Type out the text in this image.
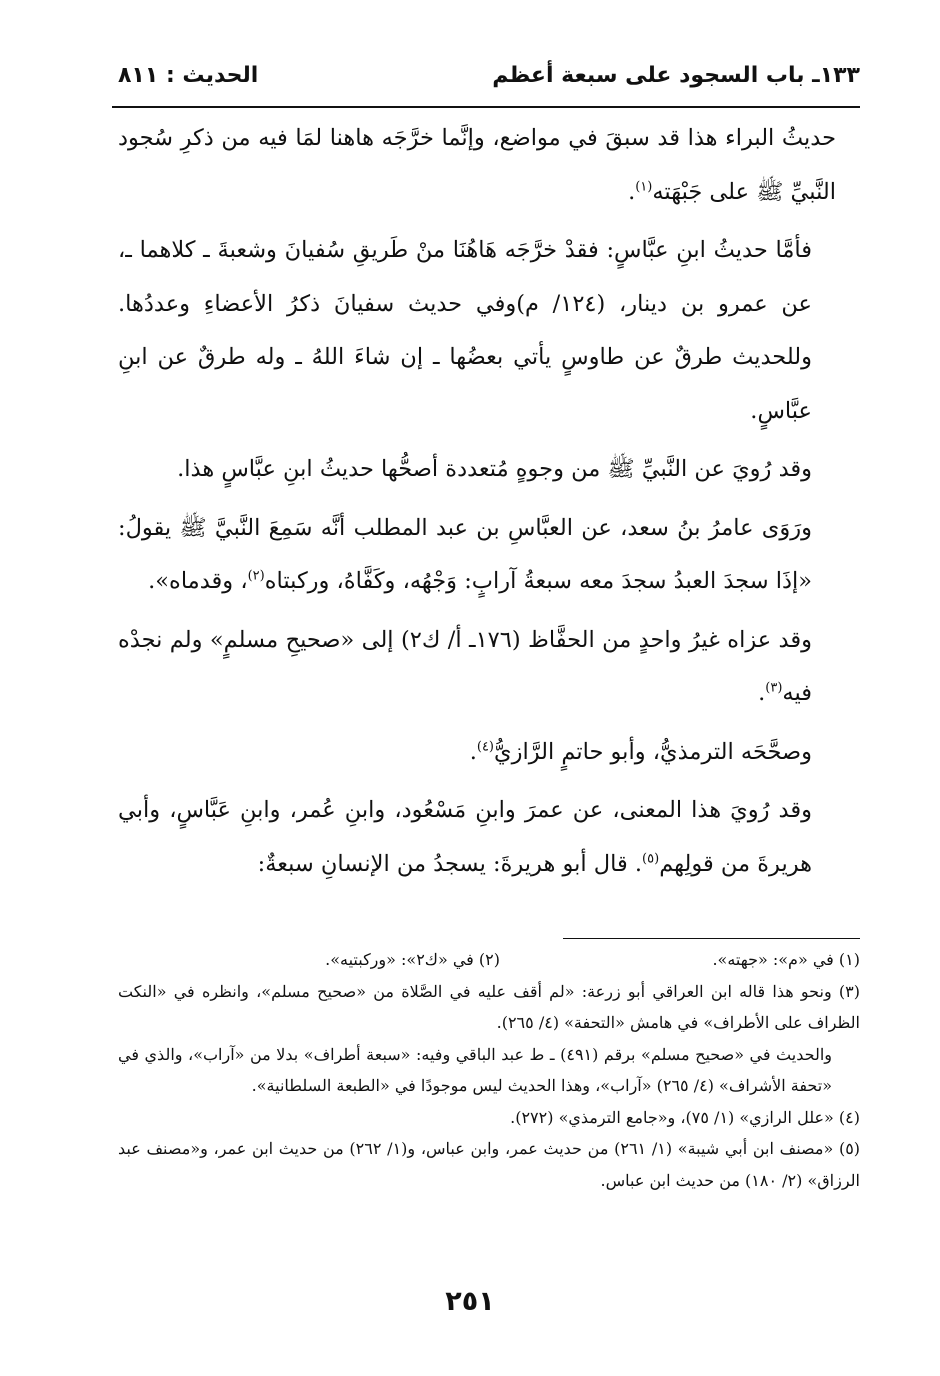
١٣٣ـ باب السجود على سبعة أعظم
الحديث : ٨١١

حديثُ البراء هذا قد سبقَ في مواضع، وإنَّما خرَّجَه هاهنا لمَا فيه من ذكرِ سُجود النَّبيِّ ﷺ على جَبْهَته$^{(١)}$.

فأمَّا حديثُ ابنِ عبَّاسٍ: فقدْ خرَّجَه هَاهُنَا منْ طَريقِ سُفيانَ وشعبةَ ـ كلاهما ـ، عن عمرو بن دينار، (١٢٤/ م)وفي حديث سفيانَ ذكرُ الأعضاءِ وعددُها. وللحديث طرقٌ عن طاوسٍ يأتي بعضُها ـ إن شاءَ اللهُ ـ وله طرقٌ عن ابنِ عبَّاسٍ.

وقد رُويَ عن النَّبيِّ ﷺ من وجوهٍ مُتعددة أصحُّها حديثُ ابنِ عبَّاسٍ هذا.

ورَوَى عامرُ بنُ سعد، عن العبَّاسِ بن عبد المطلب أنَّه سَمِعَ النَّبيَّ ﷺ يقولُ: «إذَا سجدَ العبدُ سجدَ معه سبعةُ آرابٍ: وَجْهُه، وكَفَّاهُ، وركبتاه$^{(٢)}$، وقدماه».

وقد عزاه غيرُ واحدٍ من الحفَّاظ (١٧٦ـ أ/ ك٢) إلى «صحيحِ مسلمٍ» ولم نجدْه فيه$^{(٣)}$.

وصحَّحَه الترمذيُّ، وأبو حاتمٍ الرَّازيُّ$^{(٤)}$.

وقد رُويَ هذا المعنى، عن عمرَ وابنِ مَسْعُود، وابنِ عُمر، وابنِ عَبَّاسٍ، وأبي هريرةَ من قولِهم$^{(٥)}$. قال أبو هريرةَ: يسجدُ من الإنسانِ سبعةٌ:

(١) في «م»: «جهته».
(٢) في «ك٢»: «وركبتيه».

(٣) ونحو هذا قاله ابن العراقي أبو زرعة: «لم أقف عليه في الصَّلاة من «صحيح مسلم»، وانظره في «النكت الظراف على الأطراف» في هامش «التحفة» (٤/ ٢٦٥).

والحديث في «صحيح مسلم» برقم (٤٩١) ـ ط عبد الباقي وفيه: «سبعة أطراف» بدلا من «آراب»، والذي في «تحفة الأشراف» (٤/ ٢٦٥) «آراب»، وهذا الحديث ليس موجودًا في «الطبعة السلطانية».

(٤) «علل الرازي» (١/ ٧٥)، و«جامع الترمذي» (٢٧٢).

(٥) «مصنف ابن أبي شيبة» (١/ ٢٦١) من حديث عمر، وابن عباس، و(١/ ٢٦٢) من حديث ابن عمر، و«مصنف عبد الرزاق» (٢/ ١٨٠) من حديث ابن عباس.

٢٥١
